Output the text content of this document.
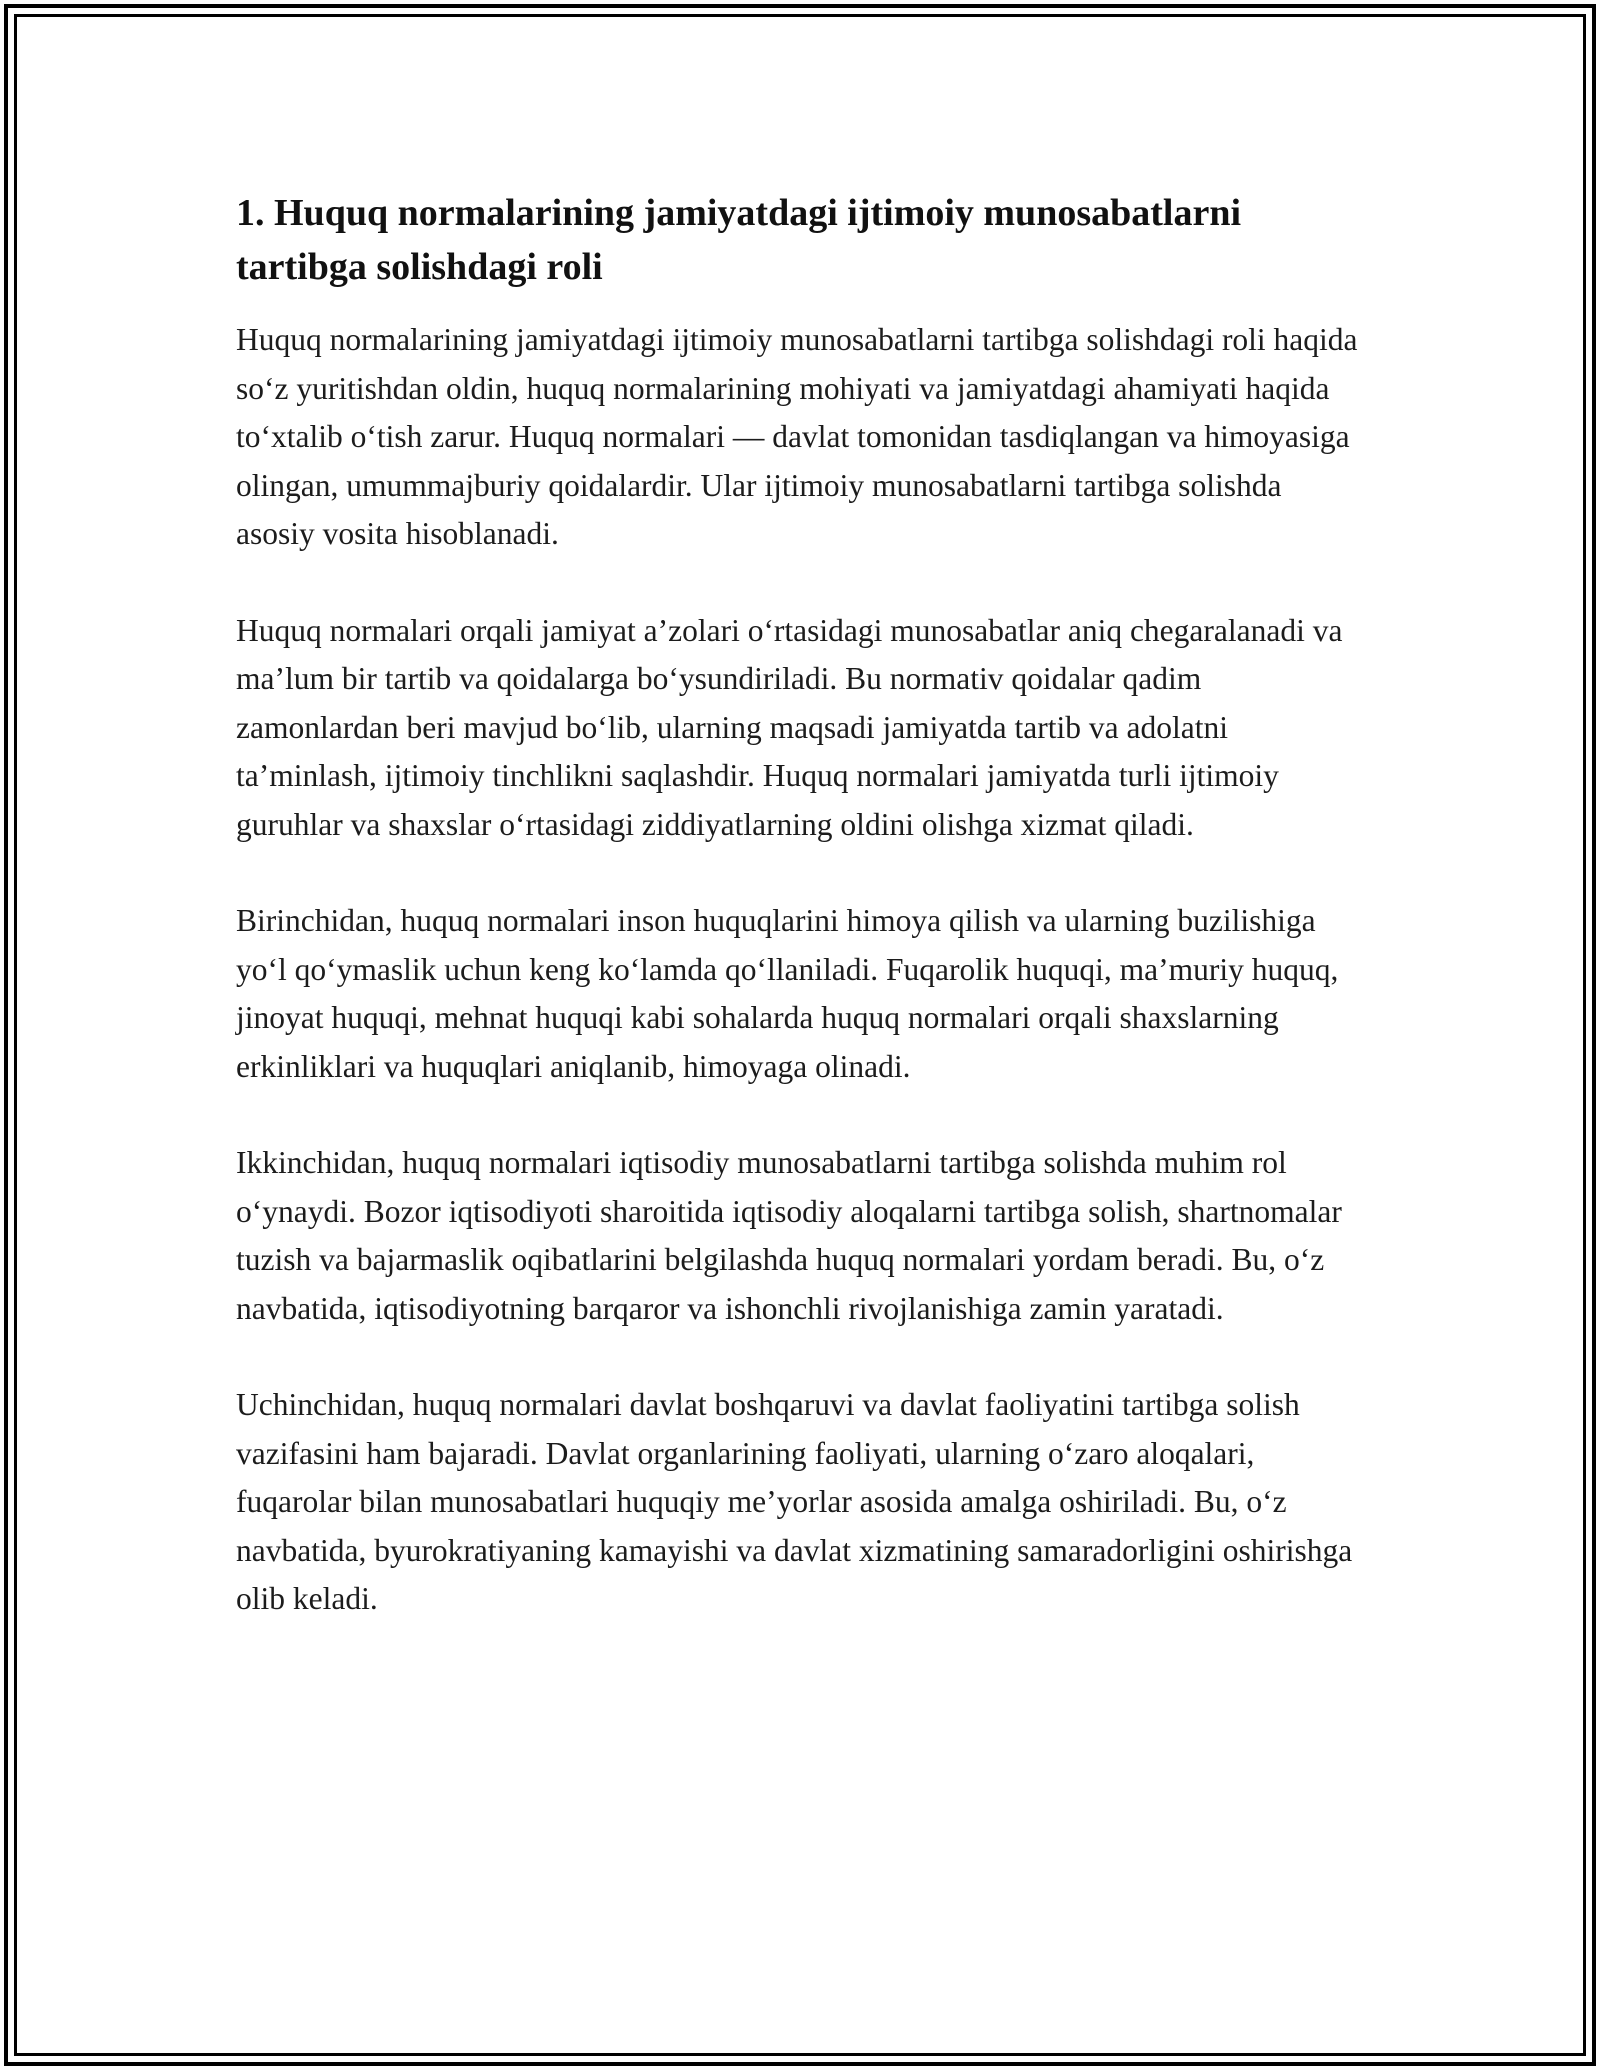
1. Huquq normalarining jamiyatdagi ijtimoiy munosabatlarni tartibga solishdagi roli

Huquq normalarining jamiyatdagi ijtimoiy munosabatlarni tartibga solishdagi roli haqida so‘z yuritishdan oldin, huquq normalarining mohiyati va jamiyatdagi ahamiyati haqida to‘xtalib o‘tish zarur. Huquq normalari — davlat tomonidan tasdiqlangan va himoyasiga olingan, umummajburiy qoidalardir. Ular ijtimoiy munosabatlarni tartibga solishda asosiy vosita hisoblanadi.

Huquq normalari orqali jamiyat a’zolari o‘rtasidagi munosabatlar aniq chegaralanadi va ma’lum bir tartib va qoidalarga bo‘ysundiriladi. Bu normativ qoidalar qadim zamonlardan beri mavjud bo‘lib, ularning maqsadi jamiyatda tartib va adolatni ta’minlash, ijtimoiy tinchlikni saqlashdir. Huquq normalari jamiyatda turli ijtimoiy guruhlar va shaxslar o‘rtasidagi ziddiyatlarning oldini olishga xizmat qiladi.

Birinchidan, huquq normalari inson huquqlarini himoya qilish va ularning buzilishiga yo‘l qo‘ymaslik uchun keng ko‘lamda qo‘llaniladi. Fuqarolik huquqi, ma’muriy huquq, jinoyat huquqi, mehnat huquqi kabi sohalarda huquq normalari orqali shaxslarning erkinliklari va huquqlari aniqlanib, himoyaga olinadi.

Ikkinchidan, huquq normalari iqtisodiy munosabatlarni tartibga solishda muhim rol o‘ynaydi. Bozor iqtisodiyoti sharoitida iqtisodiy aloqalarni tartibga solish, shartnomalar tuzish va bajarmaslik oqibatlarini belgilashda huquq normalari yordam beradi. Bu, o‘z navbatida, iqtisodiyotning barqaror va ishonchli rivojlanishiga zamin yaratadi.

Uchinchidan, huquq normalari davlat boshqaruvi va davlat faoliyatini tartibga solish vazifasini ham bajaradi. Davlat organlarining faoliyati, ularning o‘zaro aloqalari, fuqarolar bilan munosabatlari huquqiy me’yorlar asosida amalga oshiriladi. Bu, o‘z navbatida, byurokratiyaning kamayishi va davlat xizmatining samaradorligini oshirishga olib keladi.
